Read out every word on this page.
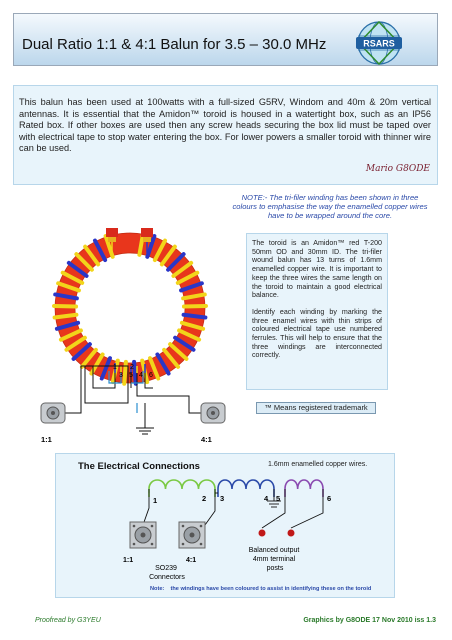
Dual Ratio 1:1 & 4:1 Balun for 3.5 – 30.0 MHz	RSARS
This balun has been used at 100watts with a full-sized G5RV, Windom and 40m & 20m vertical antennas. It is essential that the Amidon™ toroid is housed in a watertight box, such as an IP56 Rated box. If other boxes are used then any screw heads securing the box lid must be taped over with electrical tape to stop water entering the box. For lower powers a smaller toroid with thinner wire can be used.
Mario G8ODE
NOTE:- The tri-filer winding has been shown in three colours to emphasise the way the enamelled copper wires have to be wrapped around the core.
1
3
2
5 4 6
1:1	4:1

The toroid is an Amidon™ red T-200 50mm OD and 30mm ID. The tri-filer wound balun has 13 turns of 1.6mm enamelled copper wire. It is important to keep the three wires the same length on the toroid to maintain a good electrical balance.

Identify each winding by marking the three enamel wires with thin strips of coloured electrical tape use numbered ferrules. This will help to ensure that the three windings are interconnected correctly.

™ Means registered trademark
The Electrical Connections	1.6mm enamelled copper wires.
1	2 3	4 5	6
1:1	4:1
SO239 Connectors
Balanced output 4mm terminal posts
Note: the windings have been coloured to assist in identifying these on the toroid
Proofread by G3YEU	Graphics by G8ODE 17 Nov 2010 iss 1.3
